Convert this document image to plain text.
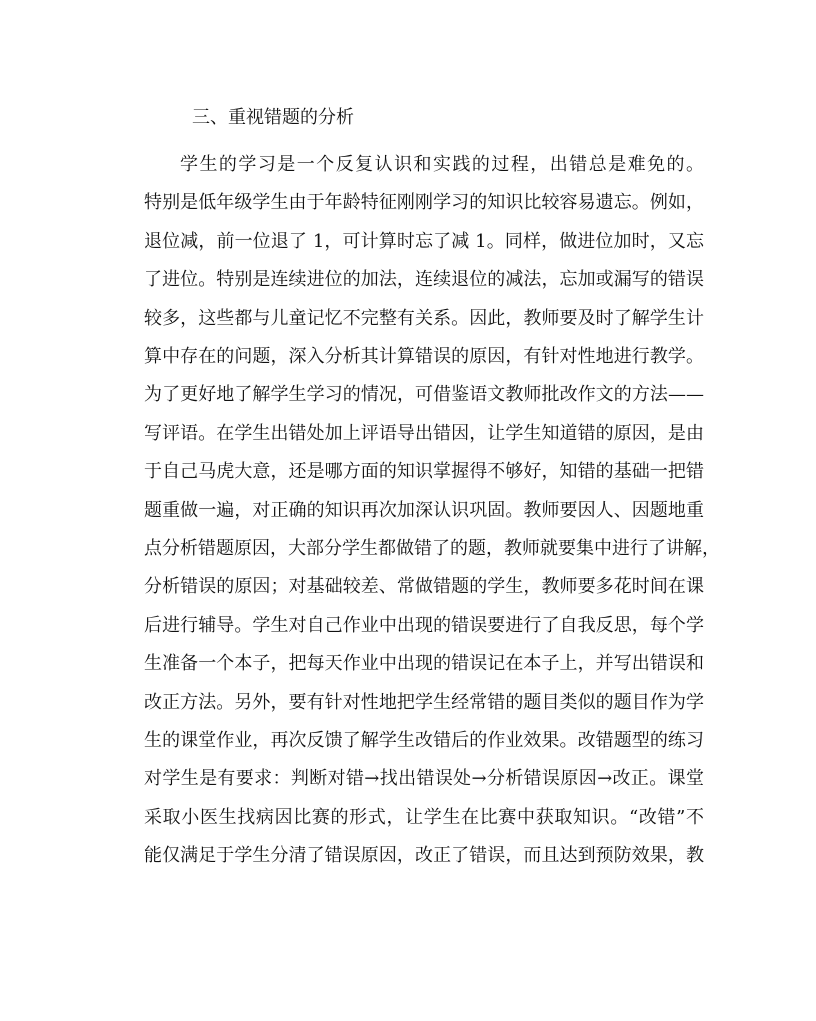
三、重视错题的分析
学生的学习是一个反复认识和实践的过程，出错总是难免的。
特别是低年级学生由于年龄特征刚刚学习的知识比较容易遗忘。例如，
退位减，前一位退了 1，可计算时忘了减 1。同样，做进位加时，又忘
了进位。特别是连续进位的加法，连续退位的减法，忘加或漏写的错误
较多，这些都与儿童记忆不完整有关系。因此，教师要及时了解学生计
算中存在的问题，深入分析其计算错误的原因，有针对性地进行教学。
为了更好地了解学生学习的情况，可借鉴语文教师批改作文的方法——
写评语。在学生出错处加上评语导出错因，让学生知道错的原因，是由
于自己马虎大意，还是哪方面的知识掌握得不够好，知错的基础一把错
题重做一遍，对正确的知识再次加深认识巩固。教师要因人、因题地重
点分析错题原因，大部分学生都做错了的题，教师就要集中进行了讲解，
分析错误的原因；对基础较差、常做错题的学生，教师要多花时间在课
后进行辅导。学生对自己作业中出现的错误要进行了自我反思，每个学
生准备一个本子，把每天作业中出现的错误记在本子上，并写出错误和
改正方法。另外，要有针对性地把学生经常错的题目类似的题目作为学
生的课堂作业，再次反馈了解学生改错后的作业效果。改错题型的练习
对学生是有要求：判断对错→找出错误处→分析错误原因→改正。课堂
采取小医生找病因比赛的形式，让学生在比赛中获取知识。“改错”不
能仅满足于学生分清了错误原因，改正了错误，而且达到预防效果，教
